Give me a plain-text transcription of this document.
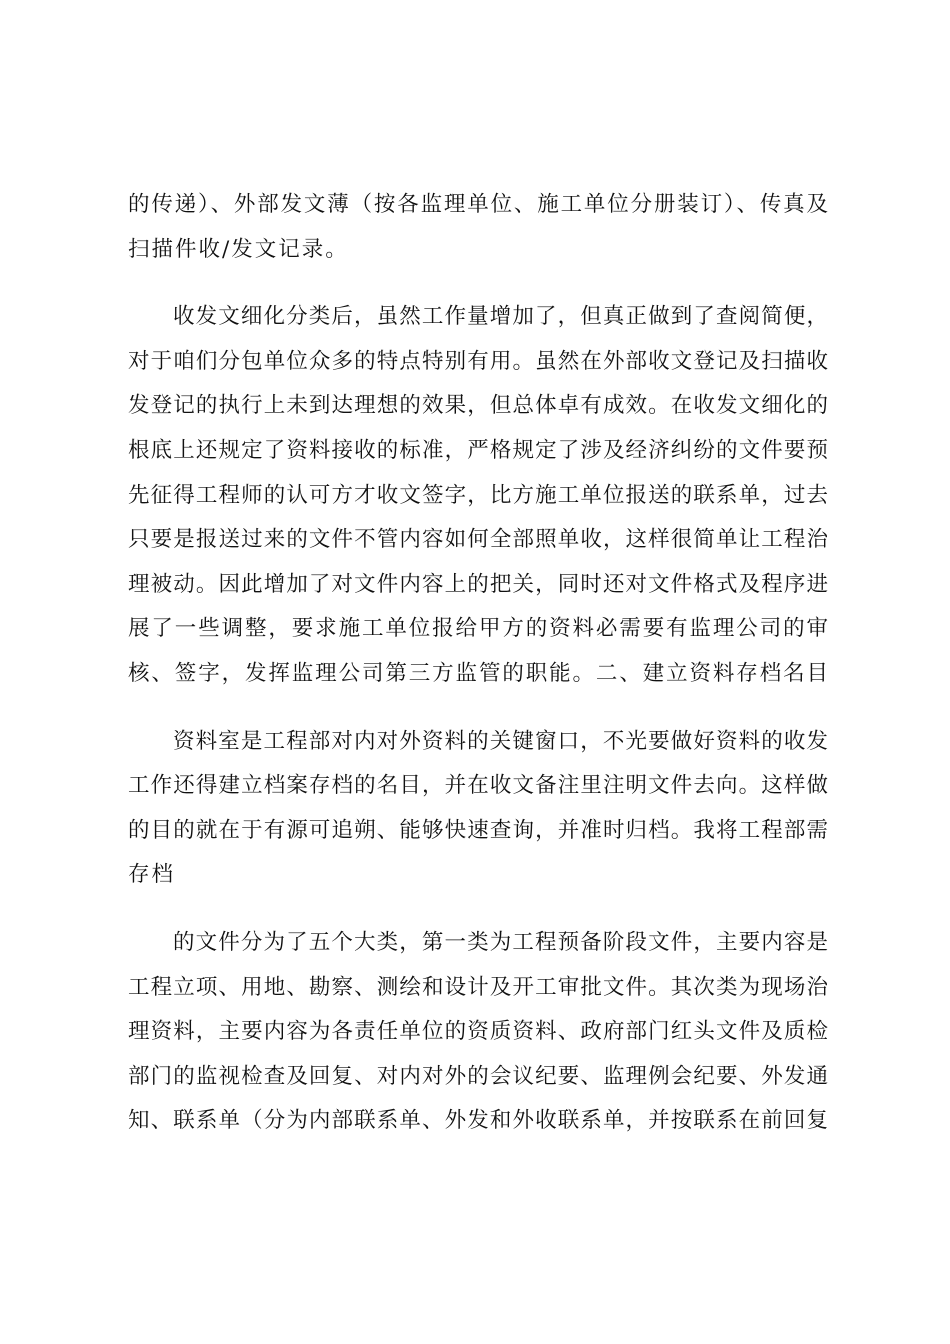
的传递）、外部发文薄（按各监理单位、施工单位分册装订）、传真及
扫描件收/发文记录。
收发文细化分类后，虽然工作量增加了，但真正做到了查阅简便，
对于咱们分包单位众多的特点特别有用。虽然在外部收文登记及扫描收
发登记的执行上未到达理想的效果，但总体卓有成效。在收发文细化的
根底上还规定了资料接收的标准，严格规定了涉及经济纠纷的文件要预
先征得工程师的认可方才收文签字，比方施工单位报送的联系单，过去
只要是报送过来的文件不管内容如何全部照单收，这样很简单让工程治
理被动。因此增加了对文件内容上的把关，同时还对文件格式及程序进
展了一些调整，要求施工单位报给甲方的资料必需要有监理公司的审
核、签字，发挥监理公司第三方监管的职能。二、建立资料存档名目
资料室是工程部对内对外资料的关键窗口，不光要做好资料的收发
工作还得建立档案存档的名目，并在收文备注里注明文件去向。这样做
的目的就在于有源可追朔、能够快速查询，并准时归档。我将工程部需
存档
的文件分为了五个大类，第一类为工程预备阶段文件，主要内容是
工程立项、用地、勘察、测绘和设计及开工审批文件。其次类为现场治
理资料，主要内容为各责任单位的资质资料、政府部门红头文件及质检
部门的监视检查及回复、对内对外的会议纪要、监理例会纪要、外发通
知、联系单（分为内部联系单、外发和外收联系单，并按联系在前回复
